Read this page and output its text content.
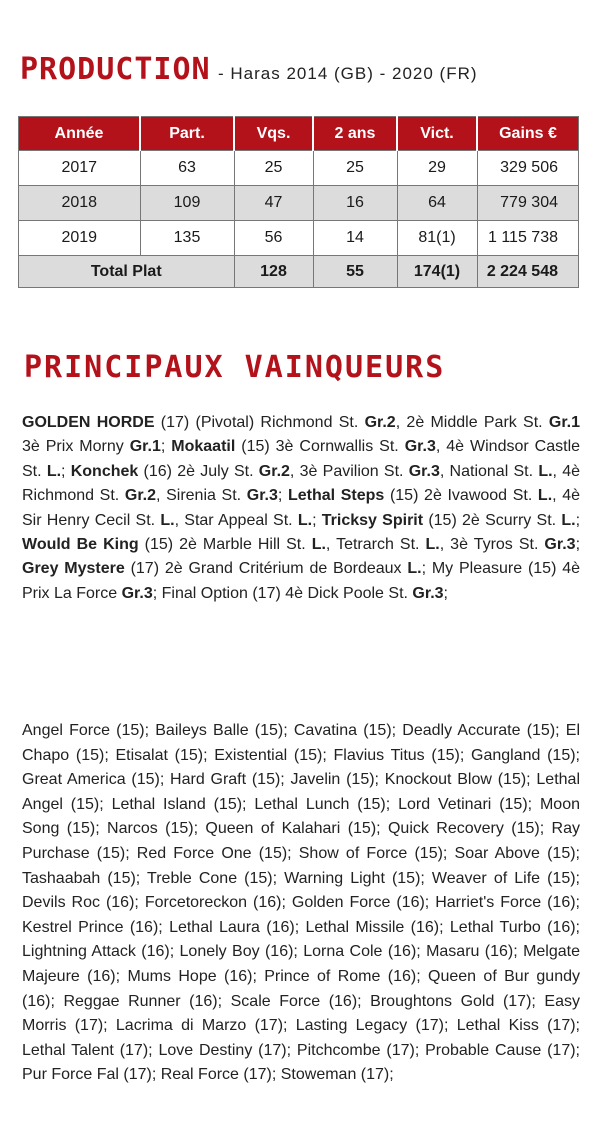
PRODUCTION - Haras 2014 (GB) - 2020 (FR)
Année	Part.	Vqs.	2 ans	Vict.	Gains €
2017	63	25	25	29	329 506
2018	109	47	16	64	779 304
2019	135	56	14	81(1)	1 115 738
Total Plat		128	55	174(1)	2 224 548
PRINCIPAUX VAINQUEURS
GOLDEN HORDE (17) (Pivotal) Richmond St. Gr.2, 2è Middle Park St. Gr.1 3è Prix Morny Gr.1; Mokaatil (15) 3è Cornwallis St. Gr.3, 4è Windsor Castle St. L.; Konchek (16) 2è July St. Gr.2, 3è Pavilion St. Gr.3, National St. L., 4è Richmond St. Gr.2, Sirenia St. Gr.3; Lethal Steps (15) 2è Ivawood St. L., 4è Sir Henry Cecil St. L., Star Appeal St. L.; Tricksy Spirit (15) 2è Scurry St. L.; Would Be King (15) 2è Marble Hill St. L., Tetrarch St. L., 3è Tyros St. Gr.3; Grey Mystere (17) 2è Grand Critérium de Bordeaux L.; My Pleasure (15) 4è Prix La Force Gr.3; Final Option (17) 4è Dick Poole St. Gr.3;
Angel Force (15); Baileys Balle (15); Cavatina (15); Deadly Accurate (15); El Chapo (15); Etisalat (15); Existential (15); Flavius Titus (15); Gangland (15); Great America (15); Hard Graft (15); Javelin (15); Knockout Blow (15); Lethal Angel (15); Lethal Island (15); Lethal Lunch (15); Lord Vetinari (15); Moon Song (15); Narcos (15); Queen of Kalahari (15); Quick Recovery (15); Ray Purchase (15); Red Force One (15); Show of Force (15); Soar Above (15); Tashaabah (15); Treble Cone (15); Warning Light (15); Weaver of Life (15); Devils Roc (16); Forcetoreckon (16); Golden Force (16); Harriet's Force (16); Kestrel Prince (16); Lethal Laura (16); Lethal Missile (16); Lethal Turbo (16); Lightning Attack (16); Lonely Boy (16); Lorna Cole (16); Masaru (16); Melgate Majeure (16); Mums Hope (16); Prince of Rome (16); Queen of Bur gundy (16); Reggae Runner (16); Scale Force (16); Broughtons Gold (17); Easy Morris (17); Lacrima di Marzo (17); Lasting Legacy (17); Lethal Kiss (17); Lethal Talent (17); Love Destiny (17); Pitchcombe (17); Probable Cause (17); Pur Force Fal (17); Real Force (17); Stoweman (17);
